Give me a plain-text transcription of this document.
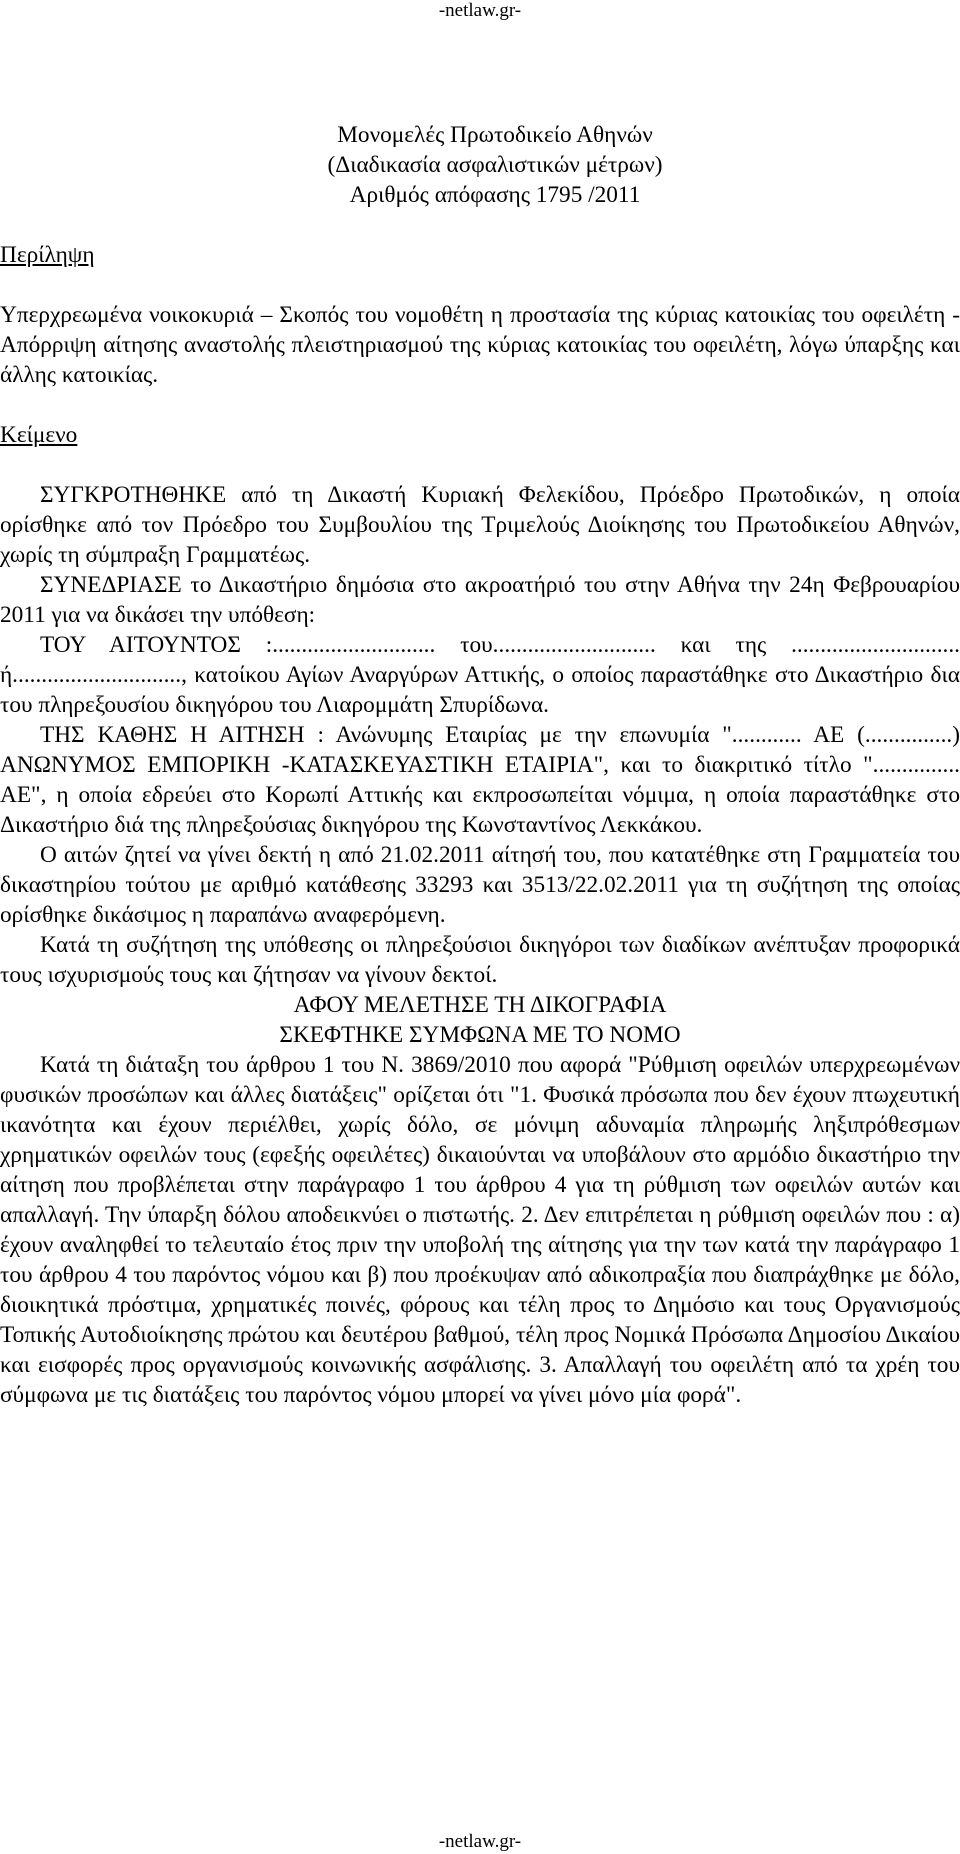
-netlaw.gr-
Μονομελές Πρωτοδικείο Αθηνών
(Διαδικασία ασφαλιστικών μέτρων)
Αριθμός απόφασης 1795 /2011

Περίληψη

Υπερχρεωμένα νοικοκυριά – Σκοπός του νομοθέτη η προστασία της κύριας κατοικίας του οφειλέτη - Απόρριψη αίτησης αναστολής πλειστηριασμού της κύριας κατοικίας του οφειλέτη, λόγω ύπαρξης και άλλης κατοικίας.

Κείμενο

ΣΥΓΚΡΟΤΗΘΗΚΕ από τη Δικαστή Κυριακή Φελεκίδου, Πρόεδρο Πρωτοδικών, η οποία ορίσθηκε από τον Πρόεδρο του Συμβουλίου της Τριμελούς Διοίκησης του Πρωτοδικείου Αθηνών, χωρίς τη σύμπραξη Γραμματέως.

ΣΥΝΕΔΡΙΑΣΕ το Δικαστήριο δημόσια στο ακροατήριό του στην Αθήνα την 24η Φεβρουαρίου 2011 για να δικάσει την υπόθεση:

ΤΟΥ ΑΙΤΟΥΝΤΟΣ :............................ του............................ και της ............................. ή............................., κατοίκου Αγίων Αναργύρων Αττικής, ο οποίος παραστάθηκε στο Δικαστήριο δια του πληρεξουσίου δικηγόρου του Λιαρομμάτη Σπυρίδωνα.

ΤΗΣ ΚΑΘΗΣ Η ΑΙΤΗΣΗ : Ανώνυμης Εταιρίας με την επωνυμία "............ ΑΕ (...............) ΑΝΩΝΥΜΟΣ ΕΜΠΟΡΙΚΗ -ΚΑΤΑΣΚΕΥΑΣΤΙΚΗ ΕΤΑΙΡΙΑ", και το διακριτικό τίτλο "............... ΑΕ", η οποία εδρεύει στο Κορωπί Αττικής και εκπροσωπείται νόμιμα, η οποία παραστάθηκε στο Δικαστήριο διά της πληρεξούσιας δικηγόρου της Κωνσταντίνος Λεκκάκου.

Ο αιτών ζητεί να γίνει δεκτή η από 21.02.2011 αίτησή του, που κατατέθηκε στη Γραμματεία του δικαστηρίου τούτου με αριθμό κατάθεσης 33293 και 3513/22.02.2011 για τη συζήτηση της οποίας ορίσθηκε δικάσιμος η παραπάνω αναφερόμενη.

Κατά τη συζήτηση της υπόθεσης οι πληρεξούσιοι δικηγόροι των διαδίκων ανέπτυξαν προφορικά τους ισχυρισμούς τους και ζήτησαν να γίνουν δεκτοί.

ΑΦΟΥ ΜΕΛΕΤΗΣΕ ΤΗ ΔΙΚΟΓΡΑΦΙΑ
ΣΚΕΦΤΗΚΕ ΣΥΜΦΩΝΑ ΜΕ ΤΟ ΝΟΜΟ

Κατά τη διάταξη του άρθρου 1 του Ν. 3869/2010 που αφορά "Ρύθμιση οφειλών υπερχρεωμένων φυσικών προσώπων και άλλες διατάξεις" ορίζεται ότι "1. Φυσικά πρόσωπα που δεν έχουν πτωχευτική ικανότητα και έχουν περιέλθει, χωρίς δόλο, σε μόνιμη αδυναμία πληρωμής ληξιπρόθεσμων χρηματικών οφειλών τους (εφεξής οφειλέτες) δικαιούνται να υποβάλουν στο αρμόδιο δικαστήριο την αίτηση που προβλέπεται στην παράγραφο 1 του άρθρου 4 για τη ρύθμιση των οφειλών αυτών και απαλλαγή. Την ύπαρξη δόλου αποδεικνύει ο πιστωτής. 2. Δεν επιτρέπεται η ρύθμιση οφειλών που : α) έχουν αναληφθεί το τελευταίο έτος πριν την υποβολή της αίτησης για την των κατά την παράγραφο 1 του άρθρου 4 του παρόντος νόμου και β) που προέκυψαν από αδικοπραξία που διαπράχθηκε με δόλο, διοικητικά πρόστιμα, χρηματικές ποινές, φόρους και τέλη προς το Δημόσιο και τους Οργανισμούς Τοπικής Αυτοδιοίκησης πρώτου και δευτέρου βαθμού, τέλη προς Νομικά Πρόσωπα Δημοσίου Δικαίου και εισφορές προς οργανισμούς κοινωνικής ασφάλισης. 3. Απαλλαγή του οφειλέτη από τα χρέη του σύμφωνα με τις διατάξεις του παρόντος νόμου μπορεί να γίνει μόνο μία φορά".

-netlaw.gr-
